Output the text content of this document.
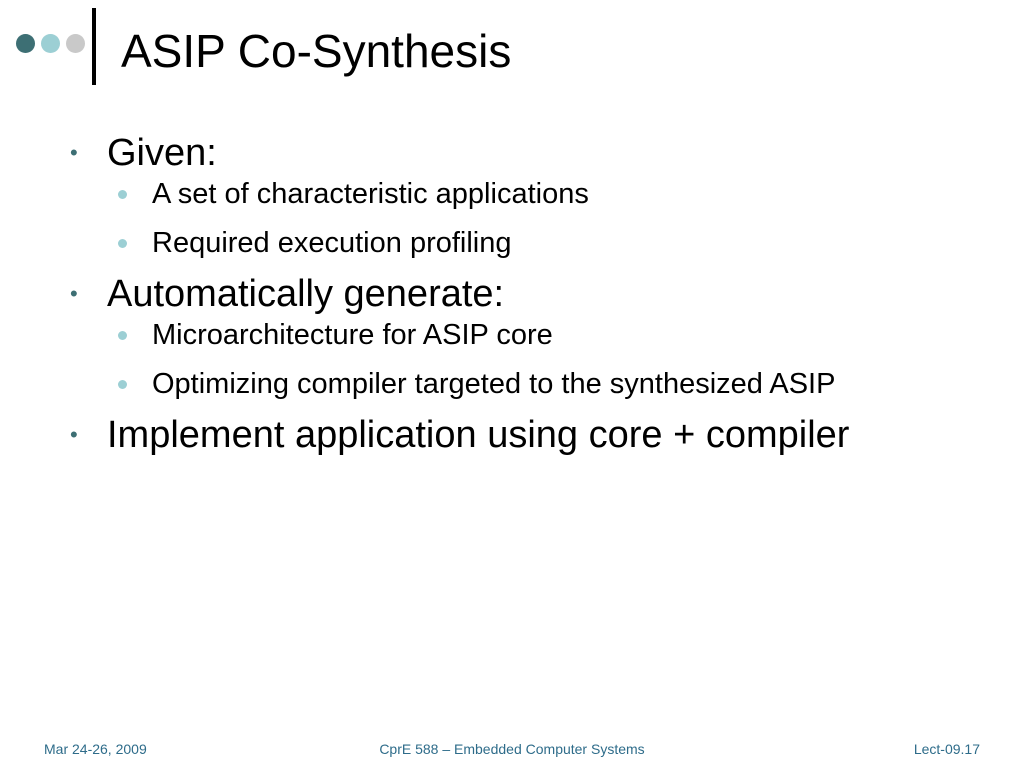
ASIP Co-Synthesis

• Given:

A set of characteristic applications

Required execution profiling

• Automatically generate:

Microarchitecture for ASIP core

Optimizing compiler targeted to the synthesized ASIP

• Implement application using core + compiler

Mar 24-26, 2009	CprE 588 – Embedded Computer Systems	Lect-09.17
